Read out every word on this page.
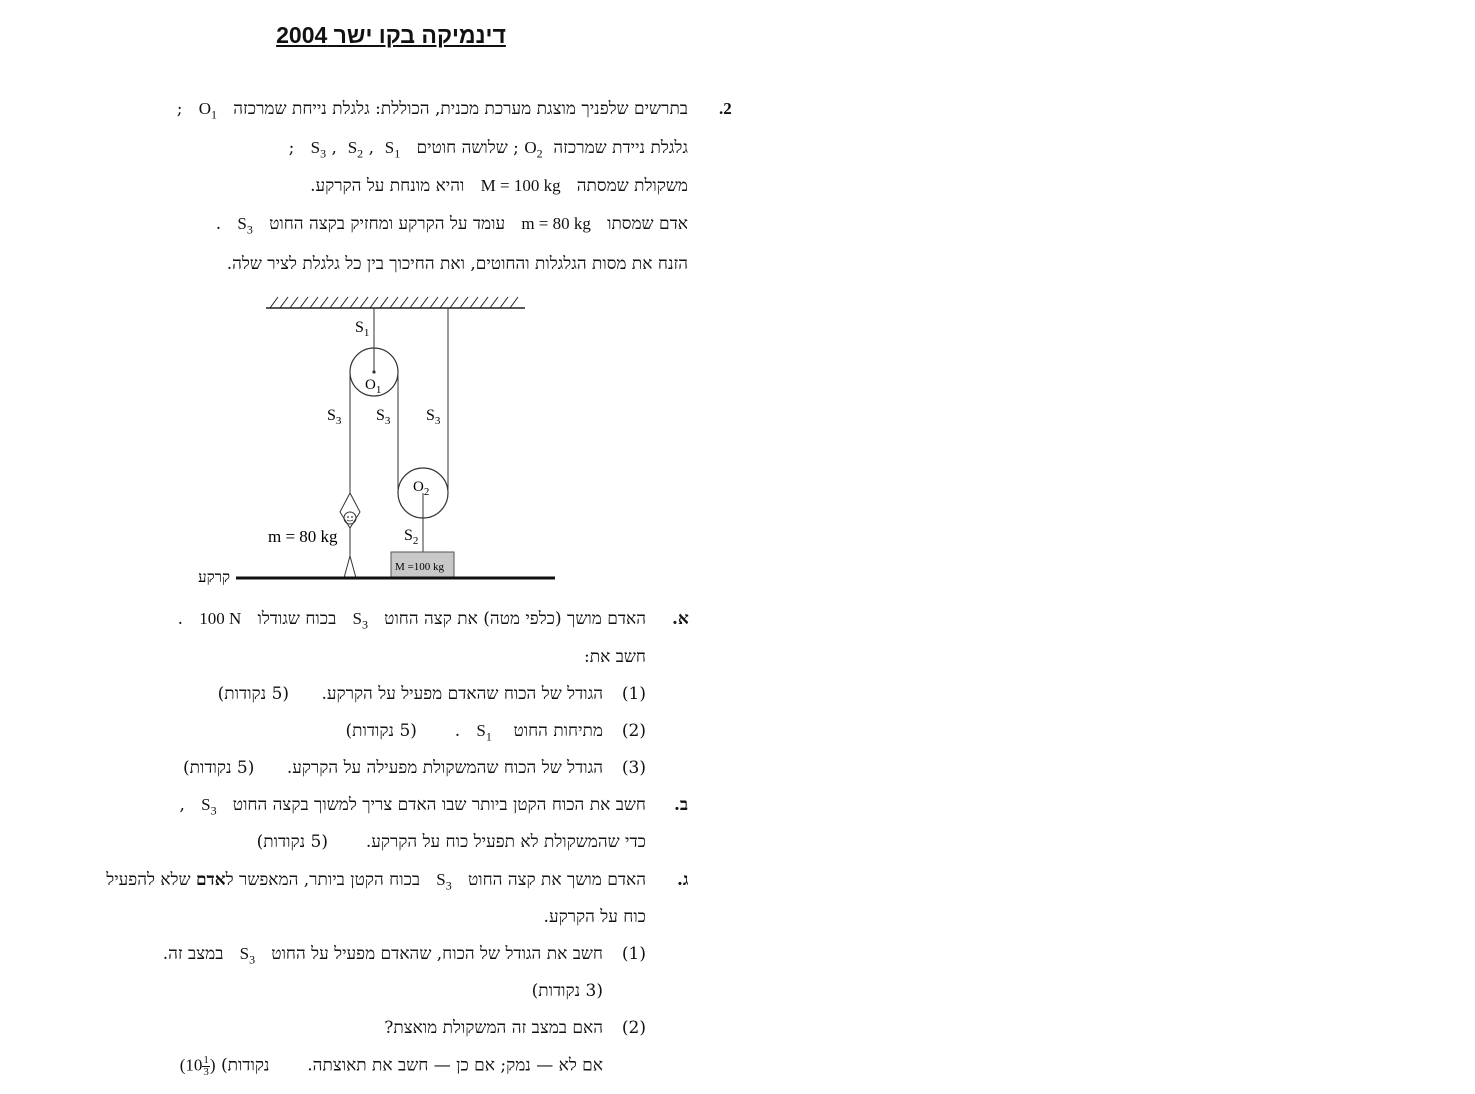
דינמיקה בקו ישר 2004
.2
בתרשים שלפניך מוצגת מערכת מכנית, הכוללת: גלגלת נייחת שמרכזה   $O_1$   ;
גלגלת ניידת שמרכזה  $O_2$ ; שלושה חוטים   $S_1$  , $S_2$  , $S_3$   ;
משקולת שמסתה   M = 100 kg   והיא מונחת על הקרקע.
אדם שמסתו   m = 80 kg   עומד על הקרקע ומחזיק בקצה החוט   $S_3$   .
הזנח את מסות הגלגלות והחוטים, ואת החיכוך בין כל גלגלת לציר שלה.
$S_1$
$O_1$
$S_3$ $S_3$ $S_3$
$O_2$
$S_2$
M =100 kg
m = 80 kg
קרקע
א.
האדם מושך (כלפי מטה) את קצה החוט   $S_3$   בכוח שגודלו   100 N   .
חשב את:
(1)
הגודל של הכוח שהאדם מפעיל על הקרקע.      (5 נקודות)
(2)
מתיחות החוט    $S_1$   .       (5 נקודות)
(3)
הגודל של הכוח שהמשקולת מפעילה על הקרקע.      (5 נקודות)
ב.
חשב את הכוח הקטן ביותר שבו האדם צריך למשוך בקצה החוט   $S_3$   ,
כדי שהמשקולת לא תפעיל כוח על הקרקע.       (5 נקודות)
ג.
האדם מושך את קצה החוט   $S_3$   בכוח הקטן ביותר, המאפשר לאדם שלא להפעיל
כוח על הקרקע.
(1)
חשב את הגודל של הכוח, שהאדם מפעיל על החוט   $S_3$   במצב זה.
(3 נקודות)
(2)
האם במצב זה המשקולת מואצת?
אם לא — נמק; אם כן — חשב את תאוצתה.       נקודות) ($10 \frac{1}{3}$ )
